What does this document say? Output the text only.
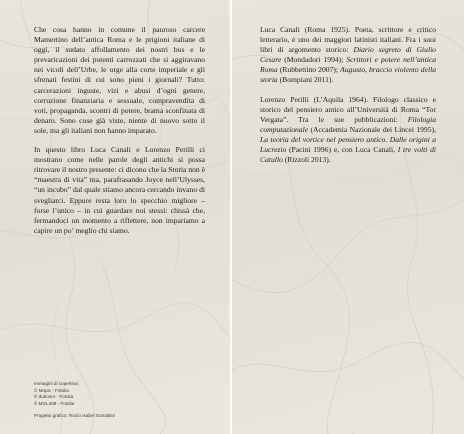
Che cosa hanno in comune il pauroso carcere Mamertino dell’antica Roma e le prigioni italiane di oggi, il sudato affollamento dei nostri bus e le prevaricazioni dei potenti carrozzati che si aggiravano nei vicoli dell’Urbe, le orge alla corte imperiale e gli sfrenati festini di cui sono pieni i giornali? Tutto: carcerazioni inguste, vizi e abusi d’ogni genere, corruzione finanziaria e sessuale, compravendita di voti, propaganda, scontri di potere, brama sconfinata di denaro. Sono cose già viste, niente di nuovo sotto il sole, ma gli italiani non hanno imparato.

In questo libro Luca Canali e Lorenzo Perilli ci mostrano come nelle parole degli antichi si possa ritrovare il nostro presente: ci dicono che la Storia non è “maestra di vita” ma, parafrasando Joyce nell’Ulysses, “un incubo” dal quale stiamo ancora cercando invano di svegliarci. Eppure resta loro lo specchio migliore – forse l’unico – in cui guardare noi stessi: chissà che, fermandoci un momento a riflettere, non impariamo a capire un po’ meglio chi siamo.

Immagini di copertina:
© Mopic - Fotolia
© dubosor - Fotolia
© MGL408 - Fotolia
Progetto grafico: Rocío Isabel González

Luca Canali (Roma 1925). Poeta, scrittore e critico letterario, è uno dei maggiori latinisti italiani. Fra i suoi libri di argomento storico: Diario segreto di Giulio Cesare (Mondadori 1994); Scrittori e potere nell’antica Roma (Rubbettino 2007); Augusto, braccio violento della storia (Bompiani 2011).

Lorenzo Perilli (L’Aquila 1964). Filologo classico e storico del pensiero antico all’Università di Roma “Tor Vergata”. Tra le sue pubblicazioni: Filologia computazionale (Accademia Nazionale dei Lincei 1995), La teoria del vortice nel pensiero antico. Dalle origini a Lucrezio (Pacini 1996) e, con Luca Canali, I tre volti di Catullo (Rizzoli 2013).
